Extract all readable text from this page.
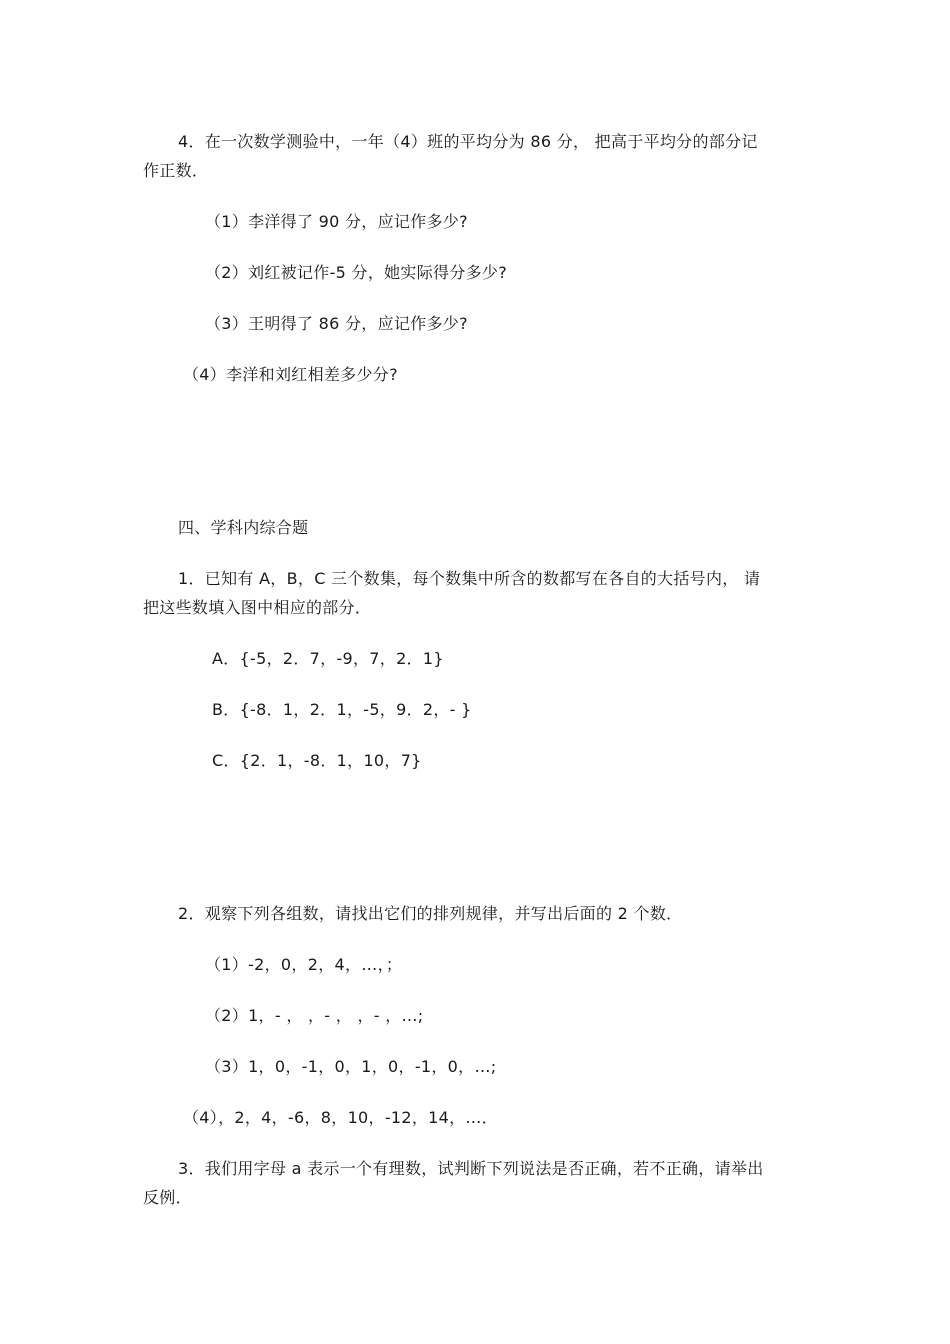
4．在一次数学测验中，一年（4）班的平均分为 86 分， 把高于平均分的部分记
作正数．
（1）李洋得了 90 分，应记作多少?
（2）刘红被记作-5 分，她实际得分多少?
（3）王明得了 86 分，应记作多少?
（4）李洋和刘红相差多少分?
四、学科内综合题
1．已知有 A，B，C 三个数集，每个数集中所含的数都写在各自的大括号内， 请
把这些数填入图中相应的部分．
A．{-5，2．7，-9，7，2．1}
B．{-8．1，2．1，-5，9．2，- }
C．{2．1，-8．1，10，7}
2．观察下列各组数，请找出它们的排列规律，并写出后面的 2 个数．
（1）-2，0，2，4，…，；
（2）1，- ， ，- ， ，- ，…;
（3）1，0，-1，0，1，0，-1，0，…;
（4），2，4，-6，8，10，-12，14，…．
3．我们用字母 a 表示一个有理数，试判断下列说法是否正确，若不正确，请举出
反例．
